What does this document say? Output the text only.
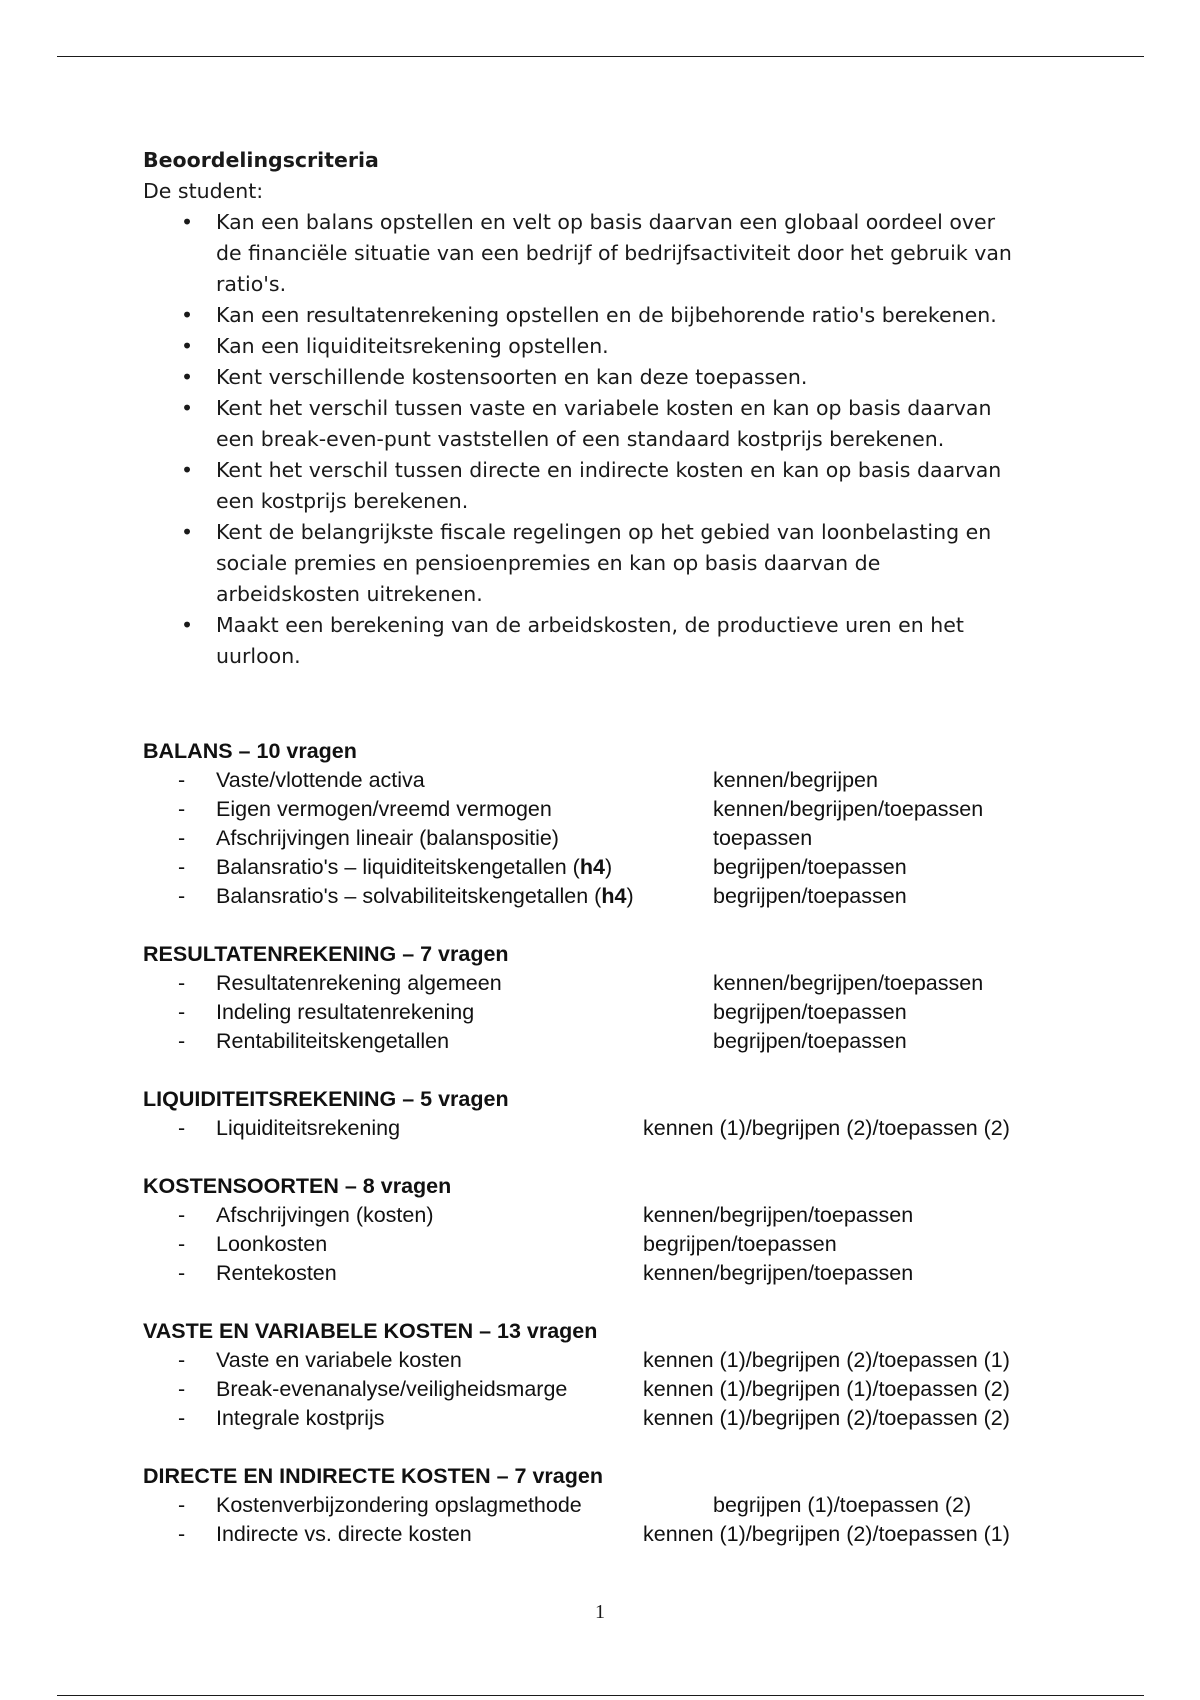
Beoordelingscriteria

De student:

• Kan een balans opstellen en velt op basis daarvan een globaal oordeel over
de financiële situatie van een bedrijf of bedrijfsactiviteit door het gebruik van
ratio's.
• Kan een resultatenrekening opstellen en de bijbehorende ratio's berekenen.
• Kan een liquiditeitsrekening opstellen.
• Kent verschillende kostensoorten en kan deze toepassen.
• Kent het verschil tussen vaste en variabele kosten en kan op basis daarvan
een break-even-punt vaststellen of een standaard kostprijs berekenen.
• Kent het verschil tussen directe en indirecte kosten en kan op basis daarvan
een kostprijs berekenen.
• Kent de belangrijkste fiscale regelingen op het gebied van loonbelasting en
sociale premies en pensioenpremies en kan op basis daarvan de
arbeidskosten uitrekenen.
• Maakt een berekening van de arbeidskosten, de productieve uren en het
uurloon.
BALANS – 10 vragen
- Vaste/vlottende activa	kennen/begrijpen
- Eigen vermogen/vreemd vermogen	kennen/begrijpen/toepassen
- Afschrijvingen lineair (balanspositie)	toepassen
- Balansratio's – liquiditeitskengetallen (h4)	begrijpen/toepassen
- Balansratio's – solvabiliteitskengetallen (h4)	begrijpen/toepassen
RESULTATENREKENING – 7 vragen
- Resultatenrekening algemeen	kennen/begrijpen/toepassen
- Indeling resultatenrekening	begrijpen/toepassen
- Rentabiliteitskengetallen	begrijpen/toepassen
LIQUIDITEITSREKENING – 5 vragen
- Liquiditeitsrekening	kennen (1)/begrijpen (2)/toepassen (2)
KOSTENSOORTEN – 8 vragen
- Afschrijvingen (kosten)	kennen/begrijpen/toepassen
- Loonkosten	begrijpen/toepassen
- Rentekosten	kennen/begrijpen/toepassen
VASTE EN VARIABELE KOSTEN – 13 vragen
- Vaste en variabele kosten	kennen (1)/begrijpen (2)/toepassen (1)
- Break-evenanalyse/veiligheidsmarge	kennen (1)/begrijpen (1)/toepassen (2)
- Integrale kostprijs	kennen (1)/begrijpen (2)/toepassen (2)
DIRECTE EN INDIRECTE KOSTEN – 7 vragen
- Kostenverbijzondering opslagmethode	begrijpen (1)/toepassen (2)
- Indirecte vs. directe kosten	kennen (1)/begrijpen (2)/toepassen (1)
1
